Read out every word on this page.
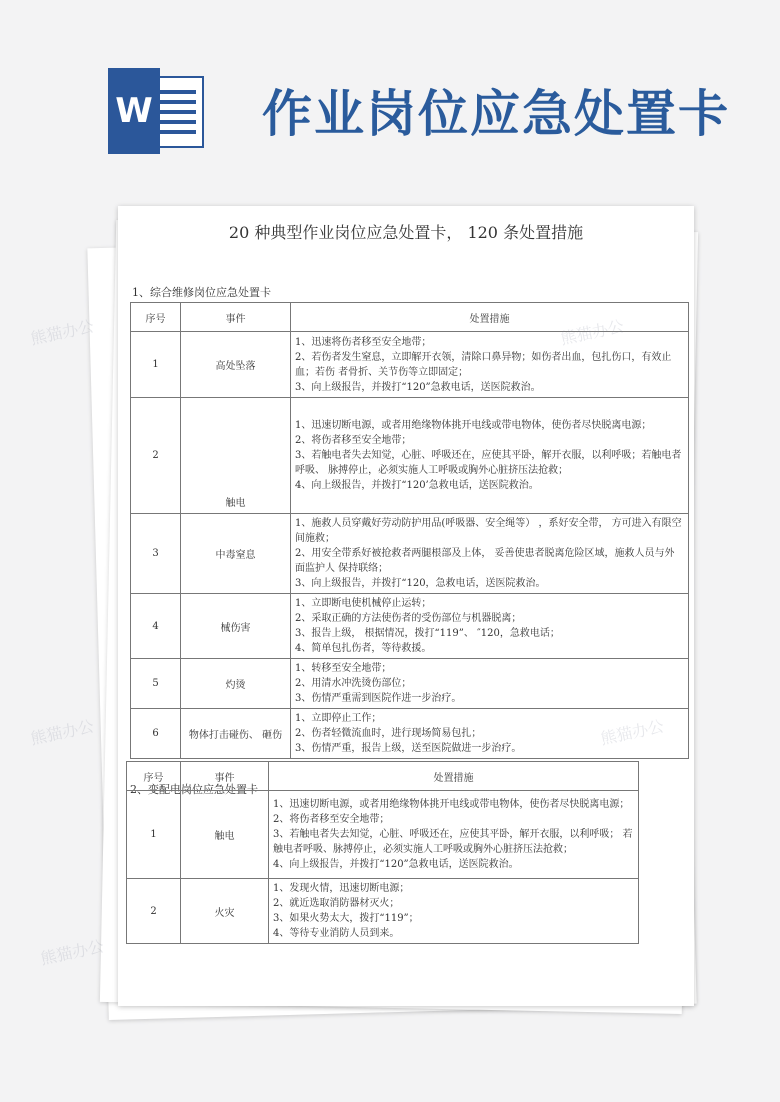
W 作业岗位应急处置卡
20 种典型作业岗位应急处置卡， 120 条处置措施
1、综合维修岗位应急处置卡
序号	事件	处置措施
1	高处坠落	1、迅速将伤者移至安全地带；

2、若伤者发生窒息，立即解开衣领，清除口鼻异物；如伤者出血，包扎伤口，有效止血；若伤 者骨折、关节伤等立即固定；

3、向上级报告，并拨打“120”急救电话，送医院救治。

2	触电	1、迅速切断电源，或者用绝缘物体挑开电线或带电物体，使伤者尽快脱离电源；

2、将伤者移至安全地带；

3、若触电者失去知觉，心脏、呼吸还在，应使其平卧，解开衣服，以利呼吸；若触电者呼吸、 脉搏停止，必须实施人工呼吸或胸外心脏挤压法抢救；

4、向上级报告，并拨打“120’急救电话，送医院救治。

3	中毒窒息	1、施救人员穿戴好劳动防护用品(呼吸器、安全绳等） ，系好安全带， 方可进入有限空间施救；

2、用安全带系好被抢救者两腿根部及上体， 妥善使患者脱离危险区域，施救人员与外面监护人 保持联络；

3、向上级报告，并拨打“120，急救电话，送医院救治。

4	械伤害	1、立即断电使机械停止运转；

2、采取正确的方法使伤者的受伤部位与机器脱离；

3、报告上级， 根据情况，拨打“119”、 ″120，急救电话；

4、简单包扎伤者，等待救援。

5	灼烫	1、转移至安全地带；

2、用清水冲洗烫伤部位；

3、伤情严重需到医院作进一步治疗。

6	物体打击碰伤、 砸伤	1、立即停止工作；

2、伤者轻微流血时，进行现场简易包扎；

3、伤情严重，报告上级，送至医院做进一步治疗。

2、变配电岗位应急处置卡
序号	事件	处置措施
1	触电	1、迅速切断电源，或者用绝缘物体挑开电线或带电物体，使伤者尽快脱离电源；

2、将伤者移至安全地带；

3、若触电者失去知觉，心脏、呼吸还在，应使其平卧，解开衣服，以利呼吸； 若触电者呼吸、脉搏停止，必须实施人工呼吸或胸外心脏挤压法抢救；

4、向上级报告，并拨打“120”急救电话，送医院救治。

2	火灾	1、发现火情，迅速切断电源；

2、就近选取消防器材灭火；

3、如果火势太大，拨打“119”；

4、等待专业消防人员到来。

熊猫办公
熊猫办公
熊猫办公
